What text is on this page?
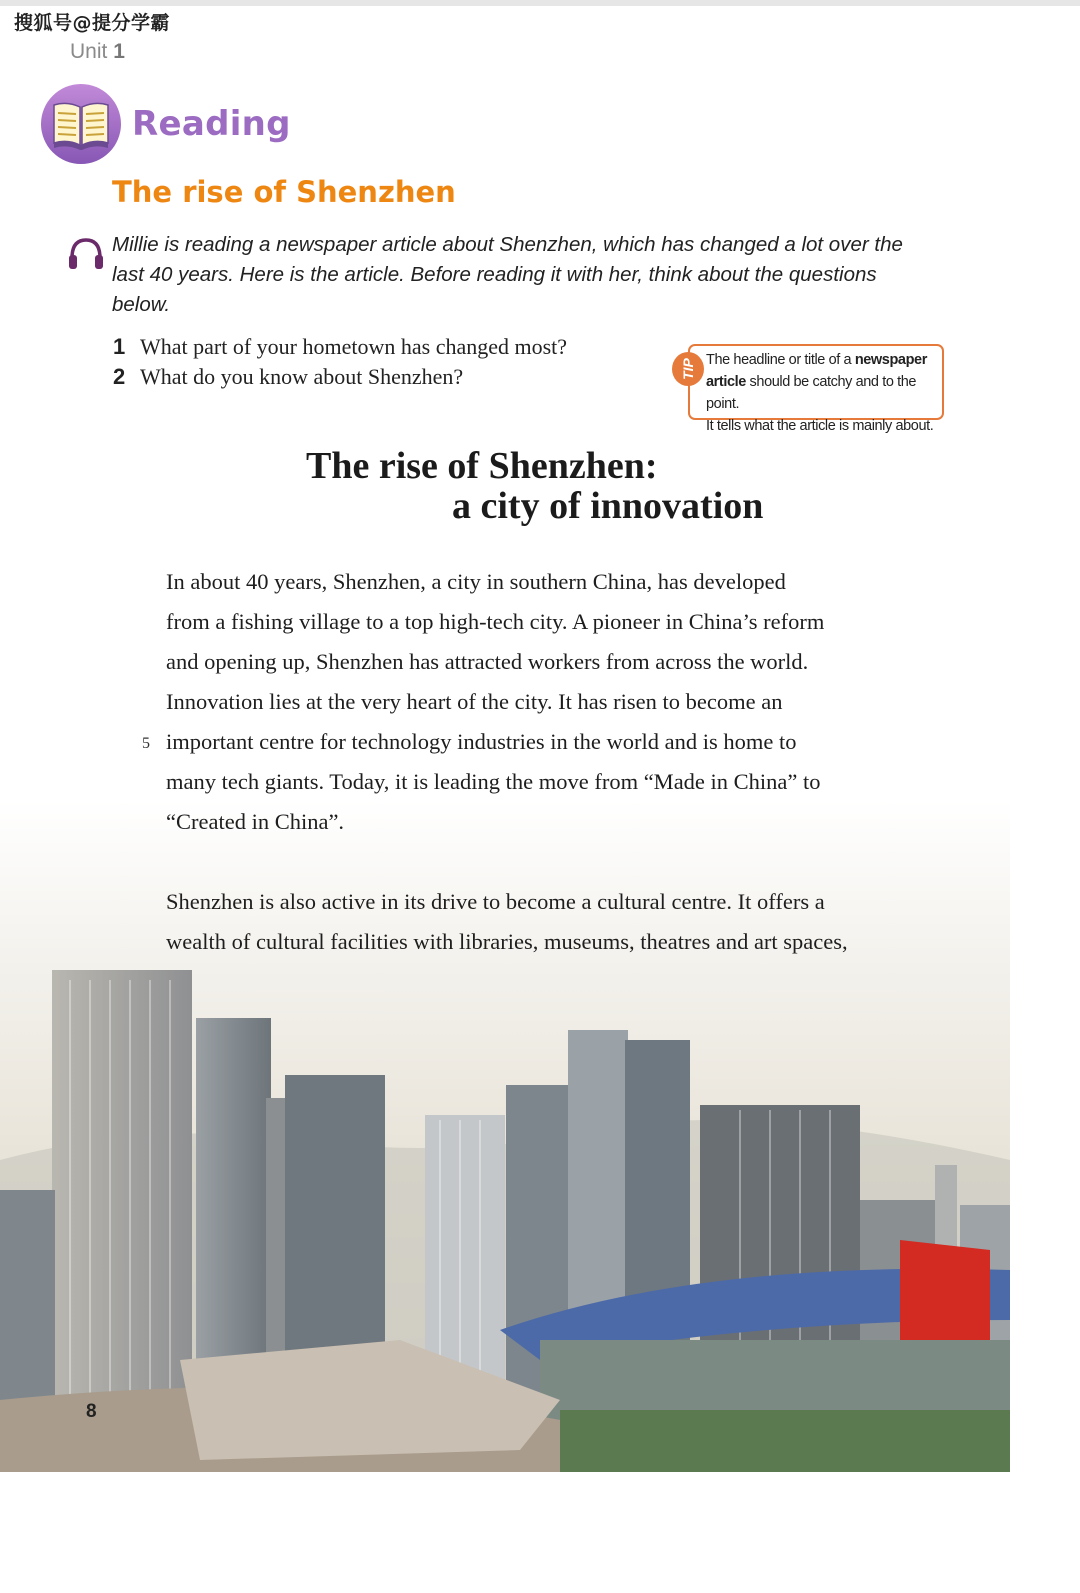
搜狐号@提分学霸
Unit 1
Reading
The rise of Shenzhen
Millie is reading a newspaper article about Shenzhen, which has changed a lot over the last 40 years. Here is the article. Before reading it with her, think about the questions below.
1 What part of your hometown has changed most?
2 What do you know about Shenzhen?
The headline or title of a newspaper
article should be catchy and to the point.
It tells what the article is mainly about.
TIP
The rise of Shenzhen:
a city of innovation
In about 40 years, Shenzhen, a city in southern China, has developed
from a fishing village to a top high-tech city. A pioneer in China’s reform
and opening up, Shenzhen has attracted workers from across the world.
Innovation lies at the very heart of the city. It has risen to become an
important centre for technology industries in the world and is home to
many tech giants. Today, it is leading the move from “Made in China” to
“Created in China”.
5
Shenzhen is also active in its drive to become a cultural centre. It offers a
wealth of cultural facilities with libraries, museums, theatres and art spaces,
8
